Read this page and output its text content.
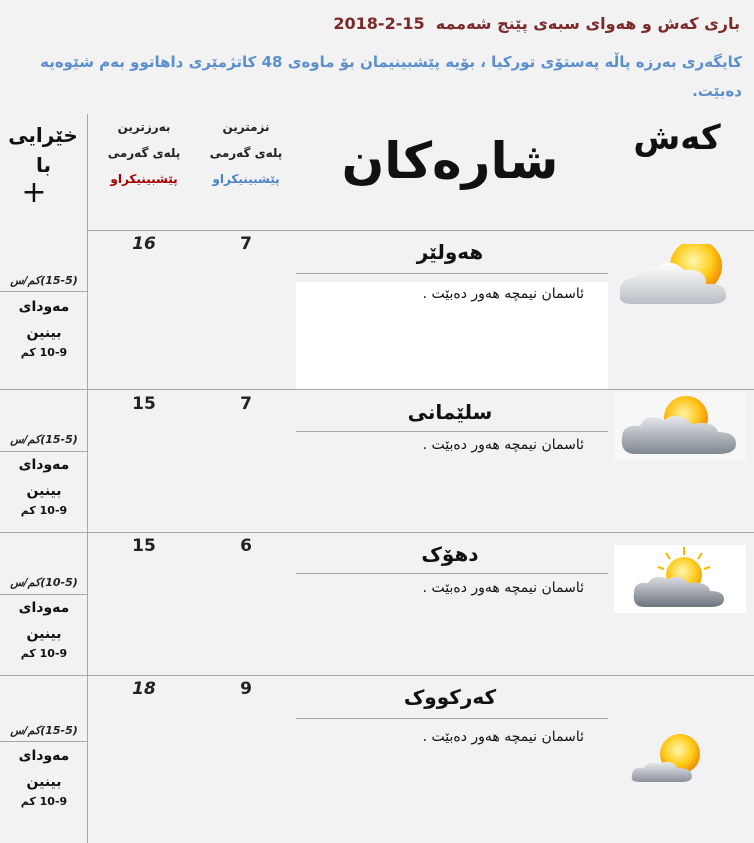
باری کەش و هەوای سبەی پێنج شەممە  2018-2-15
کایگەری بەرزە پاڵە پەستۆی تورکیا ، بۆیە پێشبینیمان بۆ ماوەی 48 کاتژمێری داهاتوو بەم شێوەیە دەبێت.
کەش
شارەکان
نزمترین
پلەی گەرمی
پێشبینیکراو
بەرزترین
پلەی گەرمی
پێشبینیکراو
خێرایی
با
+
هەولێر
ئاسمان نیمچە هەور دەبێت .
7
16
(15-5)کم/س
مەودای
بینین
10-9 کم
سلێمانی
ئاسمان نیمچە هەور دەبێت .
7
15
(15-5)کم/س
مەودای
بینین
10-9 کم
دهۆک
ئاسمان نیمچە هەور دەبێت .
6
15
(10-5)کم/س
مەودای
بینین
10-9 کم
کەرکووک
ئاسمان نیمچە هەور دەبێت .
9
18
(15-5)کم/س
مەودای
بینین
10-9 کم
